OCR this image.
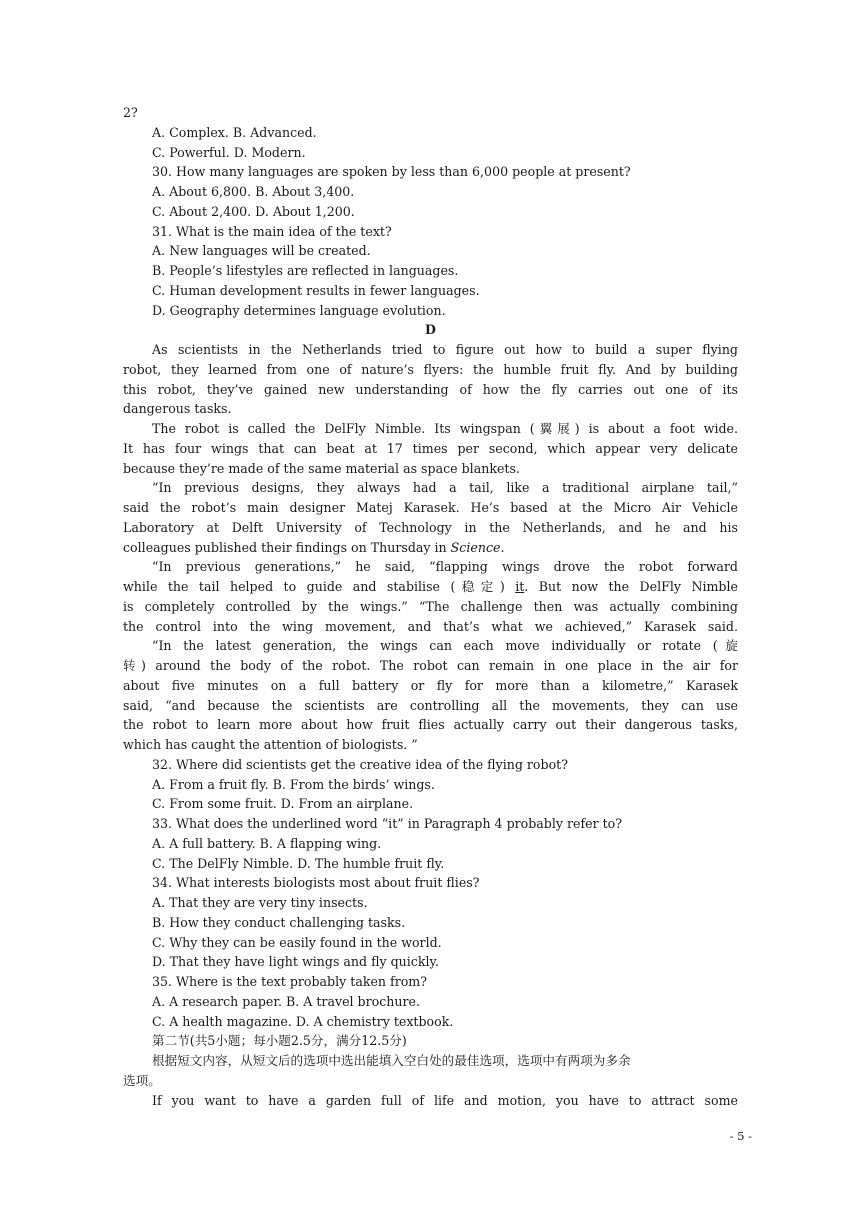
2?
A. Complex. B. Advanced.
C. Powerful. D. Modern.
30. How many languages are spoken by less than 6,000 people at present?
A. About 6,800. B. About 3,400.
C. About 2,400. D. About 1,200.
31. What is the main idea of the text?
A. New languages will be created.
B. People’s lifestyles are reflected in languages.
C. Human development results in fewer languages.
D. Geography determines language evolution.
D
As scientists in the Netherlands tried to figure out how to build a super flying
robot, they learned from one of nature’s flyers: the humble fruit fly. And by building
this robot, they’ve gained new understanding of how the fly carries out one of its
dangerous tasks.
The robot is called the DelFly Nimble. Its wingspan (翼展) is about a foot wide.
It has four wings that can beat at 17 times per second, which appear very delicate
because they’re made of the same material as space blankets.
“In previous designs, they always had a tail, like a traditional airplane tail,”
said the robot’s main designer Matej Karasek. He’s based at the Micro Air Vehicle
Laboratory at Delft University of Technology in the Netherlands, and he and his
colleagues published their findings on Thursday in Science.
“In previous generations,” he said, “flapping wings drove the robot forward
while the tail helped to guide and stabilise (稳定) it. But now the DelFly Nimble
is completely controlled by the wings.” “The challenge then was actually combining
the control into the wing movement, and that’s what we achieved,” Karasek said.
“In the latest generation, the wings can each move individually or rotate (旋
转) around the body of the robot. The robot can remain in one place in the air for
about five minutes on a full battery or fly for more than a kilometre,” Karasek
said, “and because the scientists are controlling all the movements, they can use
the robot to learn more about how fruit flies actually carry out their dangerous tasks,
which has caught the attention of biologists. ”
32. Where did scientists get the creative idea of the flying robot?
A. From a fruit fly. B. From the birds’ wings.
C. From some fruit. D. From an airplane.
33. What does the underlined word “it” in Paragraph 4 probably refer to?
A. A full battery. B. A flapping wing.
C. The DelFly Nimble. D. The humble fruit fly.
34. What interests biologists most about fruit flies?
A. That they are very tiny insects.
B. How they conduct challenging tasks.
C. Why they can be easily found in the world.
D. That they have light wings and fly quickly.
35. Where is the text probably taken from?
A. A research paper. B. A travel brochure.
C. A health magazine. D. A chemistry textbook.
第二节(共5小题；每小题2.5分，满分12.5分)
根据短文内容，从短文后的选项中选出能填入空白处的最佳选项，选项中有两项为多余
选项。
If you want to have a garden full of life and motion, you have to attract some
- 5 -
